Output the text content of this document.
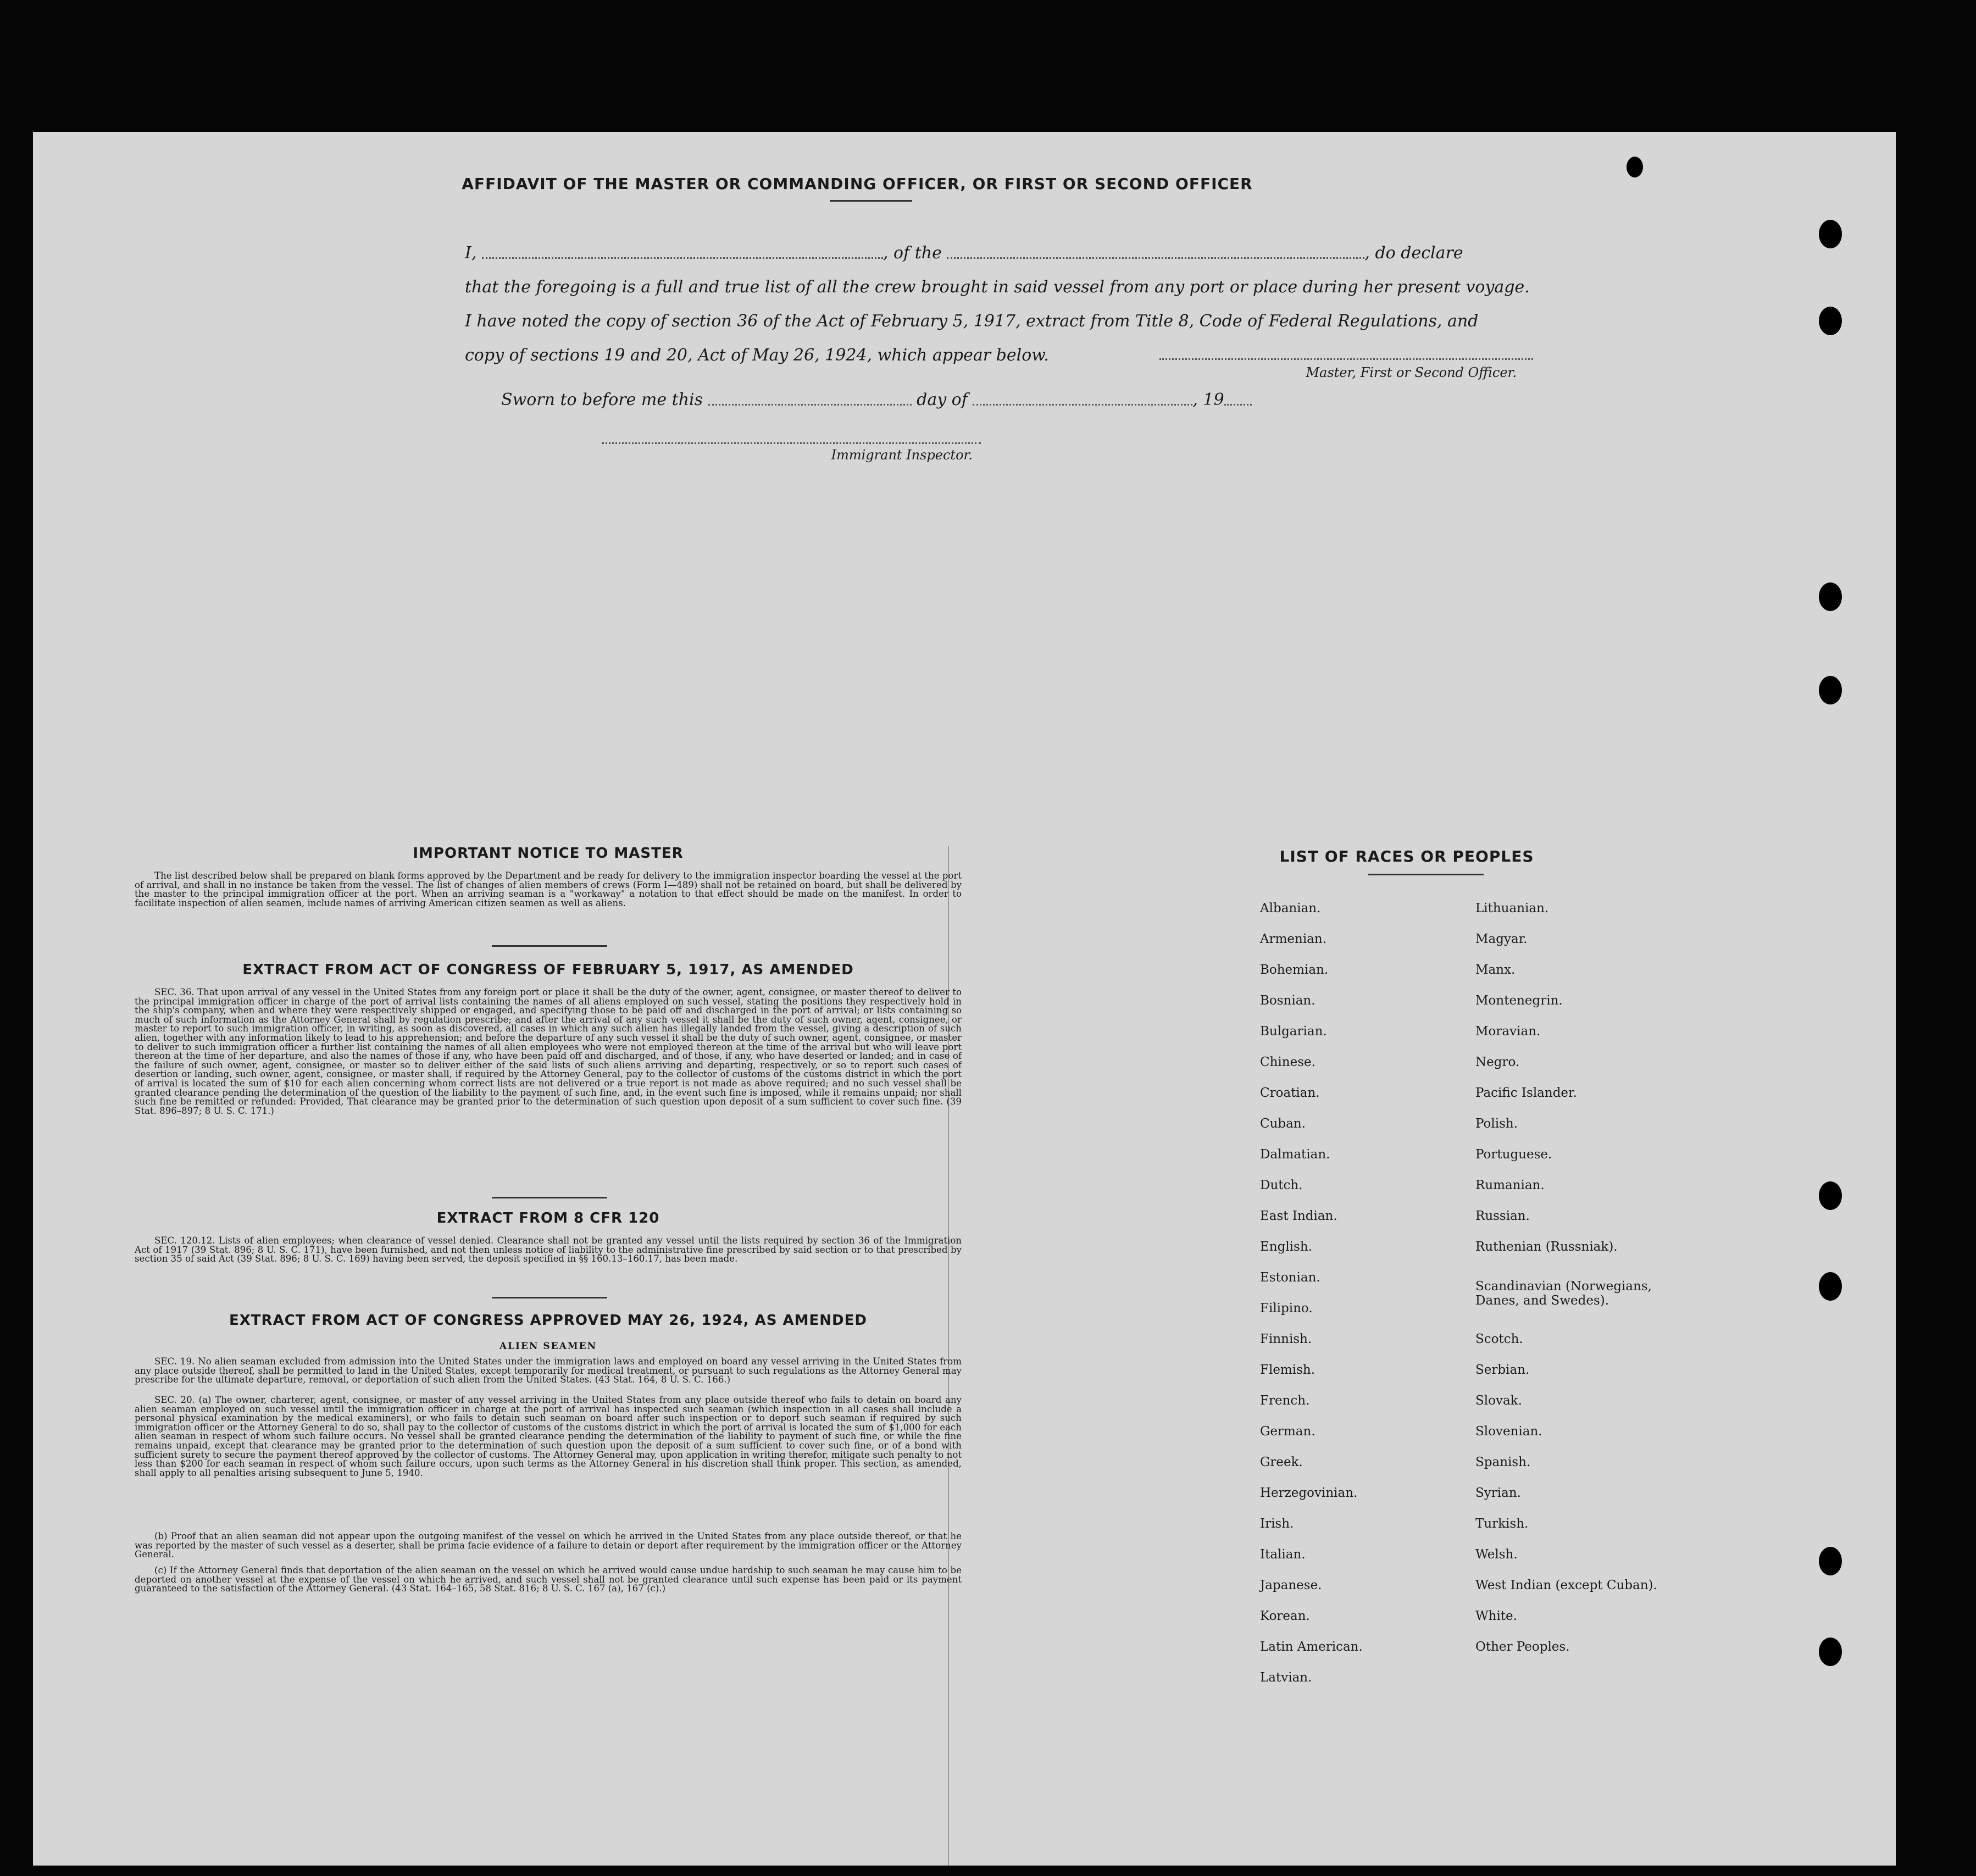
AFFIDAVIT OF THE MASTER OR COMMANDING OFFICER, OR FIRST OR SECOND OFFICER

I,	, of the	, do declare

that the foregoing is a full and true list of all the crew brought in said vessel from any port or place during her present voyage.

I have noted the copy of section 36 of the Act of February 5, 1917, extract from Title 8, Code of Federal Regulations, and

copy of sections 19 and 20, Act of May 26, 1924, which appear below.

Master, First or Second Officer.
Sworn to before me this	day of	, 19
Immigrant Inspector.
IMPORTANT NOTICE TO MASTER
The list described below shall be prepared on blank forms approved by the Department and be ready for delivery to the immigration inspector boarding the vessel at the port of arrival, and shall in no instance be taken from the vessel. The list of changes of alien members of crews (Form I—489) shall not be retained on board, but shall be delivered by the master to the principal immigration officer at the port. When an arriving seaman is a "workaway" a notation to that effect should be made on the manifest. In order to facilitate inspection of alien seamen, include names of arriving American citizen seamen as well as aliens.
EXTRACT FROM ACT OF CONGRESS OF FEBRUARY 5, 1917, AS AMENDED
SEC. 36. That upon arrival of any vessel in the United States from any foreign port or place it shall be the duty of the owner, agent, consignee, or master thereof to deliver to the principal immigration officer in charge of the port of arrival lists containing the names of all aliens employed on such vessel, stating the positions they respectively hold in the ship's company, when and where they were respectively shipped or engaged, and specifying those to be paid off and discharged in the port of arrival; or lists containing so much of such information as the Attorney General shall by regulation prescribe; and after the arrival of any such vessel it shall be the duty of such owner, agent, consignee, or master to report to such immigration officer, in writing, as soon as discovered, all cases in which any such alien has illegally landed from the vessel, giving a description of such alien, together with any information likely to lead to his apprehension; and before the departure of any such vessel it shall be the duty of such owner, agent, consignee, or master to deliver to such immigration officer a further list containing the names of all alien employees who were not employed thereon at the time of the arrival but who will leave port thereon at the time of her departure, and also the names of those if any, who have been paid off and discharged, and of those, if any, who have deserted or landed; and in case of the failure of such owner, agent, consignee, or master so to deliver either of the said lists of such aliens arriving and departing, respectively, or so to report such cases of desertion or landing, such owner, agent, consignee, or master shall, if required by the Attorney General, pay to the collector of customs of the customs district in which the port of arrival is located the sum of $10 for each alien concerning whom correct lists are not delivered or a true report is not made as above required; and no such vessel shall be granted clearance pending the determination of the question of the liability to the payment of such fine, and, in the event such fine is imposed, while it remains unpaid; nor shall such fine be remitted or refunded: Provided, That clearance may be granted prior to the determination of such question upon deposit of a sum sufficient to cover such fine. (39 Stat. 896–897; 8 U. S. C. 171.)
EXTRACT FROM 8 CFR 120
SEC. 120.12. Lists of alien employees; when clearance of vessel denied. Clearance shall not be granted any vessel until the lists required by section 36 of the Immigration Act of 1917 (39 Stat. 896; 8 U. S. C. 171), have been furnished, and not then unless notice of liability to the administrative fine prescribed by said section or to that prescribed by section 35 of said Act (39 Stat. 896; 8 U. S. C. 169) having been served, the deposit specified in §§ 160.13–160.17, has been made.
EXTRACT FROM ACT OF CONGRESS APPROVED MAY 26, 1924, AS AMENDED
ALIEN SEAMEN
SEC. 19. No alien seaman excluded from admission into the United States under the immigration laws and employed on board any vessel arriving in the United States from any place outside thereof, shall be permitted to land in the United States, except temporarily for medical treatment, or pursuant to such regulations as the Attorney General may prescribe for the ultimate departure, removal, or deportation of such alien from the United States. (43 Stat. 164, 8 U. S. C. 166.)
SEC. 20. (a) The owner, charterer, agent, consignee, or master of any vessel arriving in the United States from any place outside thereof who fails to detain on board any alien seaman employed on such vessel until the immigration officer in charge at the port of arrival has inspected such seaman (which inspection in all cases shall include a personal physical examination by the medical examiners), or who fails to detain such seaman on board after such inspection or to deport such seaman if required by such immigration officer or the Attorney General to do so, shall pay to the collector of customs of the customs district in which the port of arrival is located the sum of $1,000 for each alien seaman in respect of whom such failure occurs. No vessel shall be granted clearance pending the determination of the liability to payment of such fine, or while the fine remains unpaid, except that clearance may be granted prior to the determination of such question upon the deposit of a sum sufficient to cover such fine, or of a bond with sufficient surety to secure the payment thereof approved by the collector of customs. The Attorney General may, upon application in writing therefor, mitigate such penalty to not less than $200 for each seaman in respect of whom such failure occurs, upon such terms as the Attorney General in his discretion shall think proper. This section, as amended, shall apply to all penalties arising subsequent to June 5, 1940.
(b) Proof that an alien seaman did not appear upon the outgoing manifest of the vessel on which he arrived in the United States from any place outside thereof, or that he was reported by the master of such vessel as a deserter, shall be prima facie evidence of a failure to detain or deport after requirement by the immigration officer or the Attorney General.
(c) If the Attorney General finds that deportation of the alien seaman on the vessel on which he arrived would cause undue hardship to such seaman he may cause him to be deported on another vessel at the expense of the vessel on which he arrived, and such vessel shall not be granted clearance until such expense has been paid or its payment guaranteed to the satisfaction of the Attorney General. (43 Stat. 164–165, 58 Stat. 816; 8 U. S. C. 167 (a), 167 (c).)
LIST OF RACES OR PEOPLES
Albanian.
Armenian.
Bohemian.
Bosnian.
Bulgarian.
Chinese.
Croatian.
Cuban.
Dalmatian.
Dutch.
East Indian.
English.
Estonian.
Filipino.
Finnish.
Flemish.
French.
German.
Greek.
Herzegovinian.
Irish.
Italian.
Japanese.
Korean.
Latin American.
Latvian.
Lithuanian.
Magyar.
Manx.
Montenegrin.
Moravian.
Negro.
Pacific Islander.
Polish.
Portuguese.
Rumanian.
Russian.
Ruthenian (Russniak).
Scandinavian (Norwegians, Danes, and Swedes).
Scotch.
Serbian.
Slovak.
Slovenian.
Spanish.
Syrian.
Turkish.
Welsh.
West Indian (except Cuban).
White.
Other Peoples.
